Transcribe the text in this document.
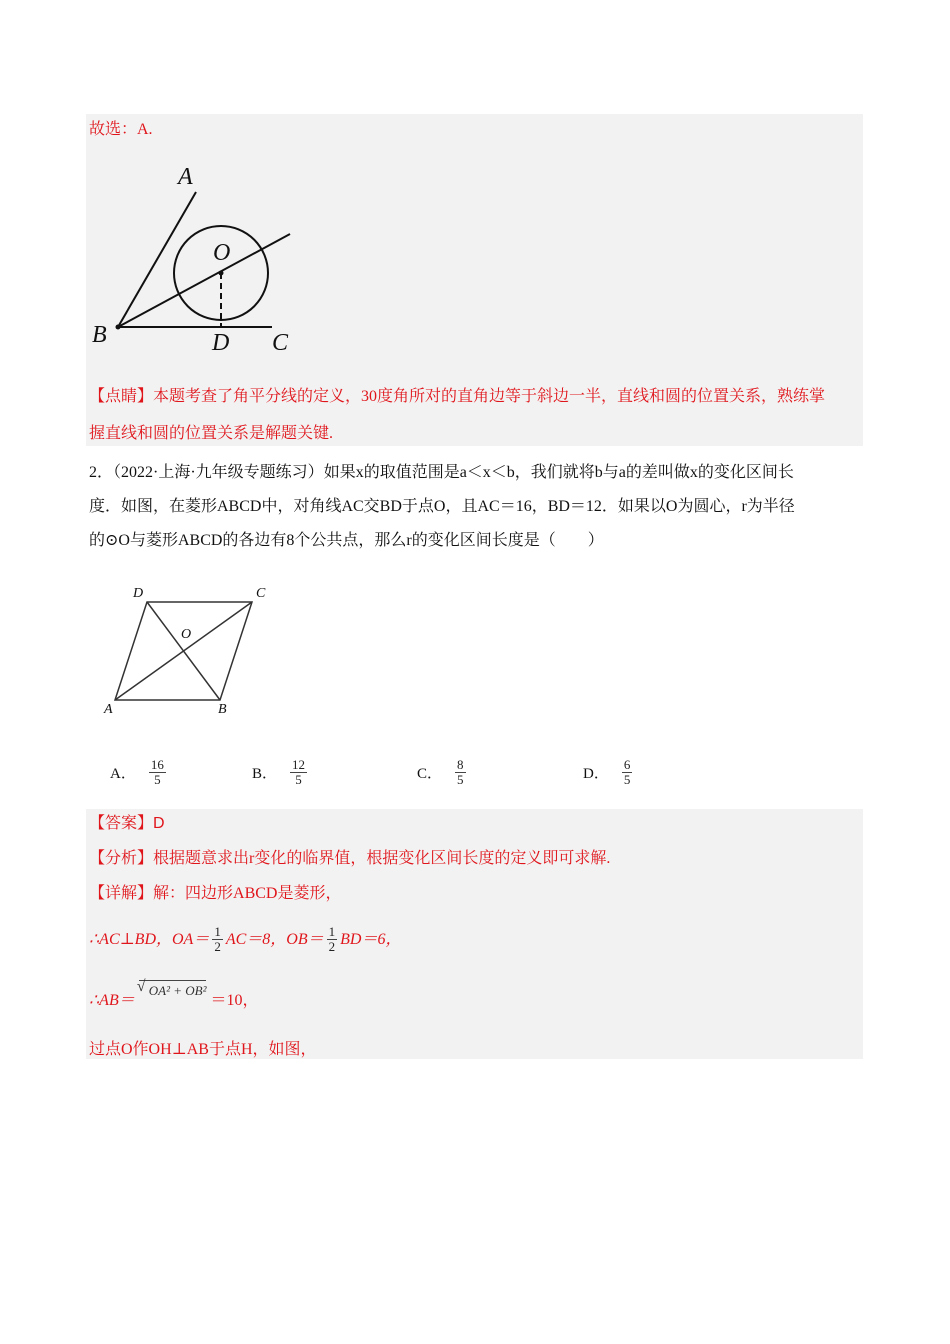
故选：A.
A
O
B	D C
【点睛】本题考查了角平分线的定义，30度角所对的直角边等于斜边一半，直线和圆的位置关系，熟练掌
握直线和圆的位置关系是解题关键.
2．（2022·上海·九年级专题练习）如果x的取值范围是a＜x＜b，我们就将b与a的差叫做x的变化区间长
度．如图，在菱形ABCD中，对角线AC交BD于点O，且AC＝16，BD＝12．如果以O为圆心，r为半径
的⊙O与菱形ABCD的各边有8个公共点，那么r的变化区间长度是（　　）
D	C
O
A	B
A． $\frac{16}{5}$	B． $\frac{12}{5}$	C． $\frac{8}{5}$	D． $\frac{6}{5}$
【答案】D
【分析】根据题意求出r变化的临界值，根据变化区间长度的定义即可求解.
【详解】解：四边形ABCD是菱形，
∴AC⊥BD，$OA= \frac{1}{2} AC=8$，$OB= \frac{1}{2} BD=6$，
∴AB＝√ OA² + OB²＝10，
过点O作OH⊥AB于点H，如图，
